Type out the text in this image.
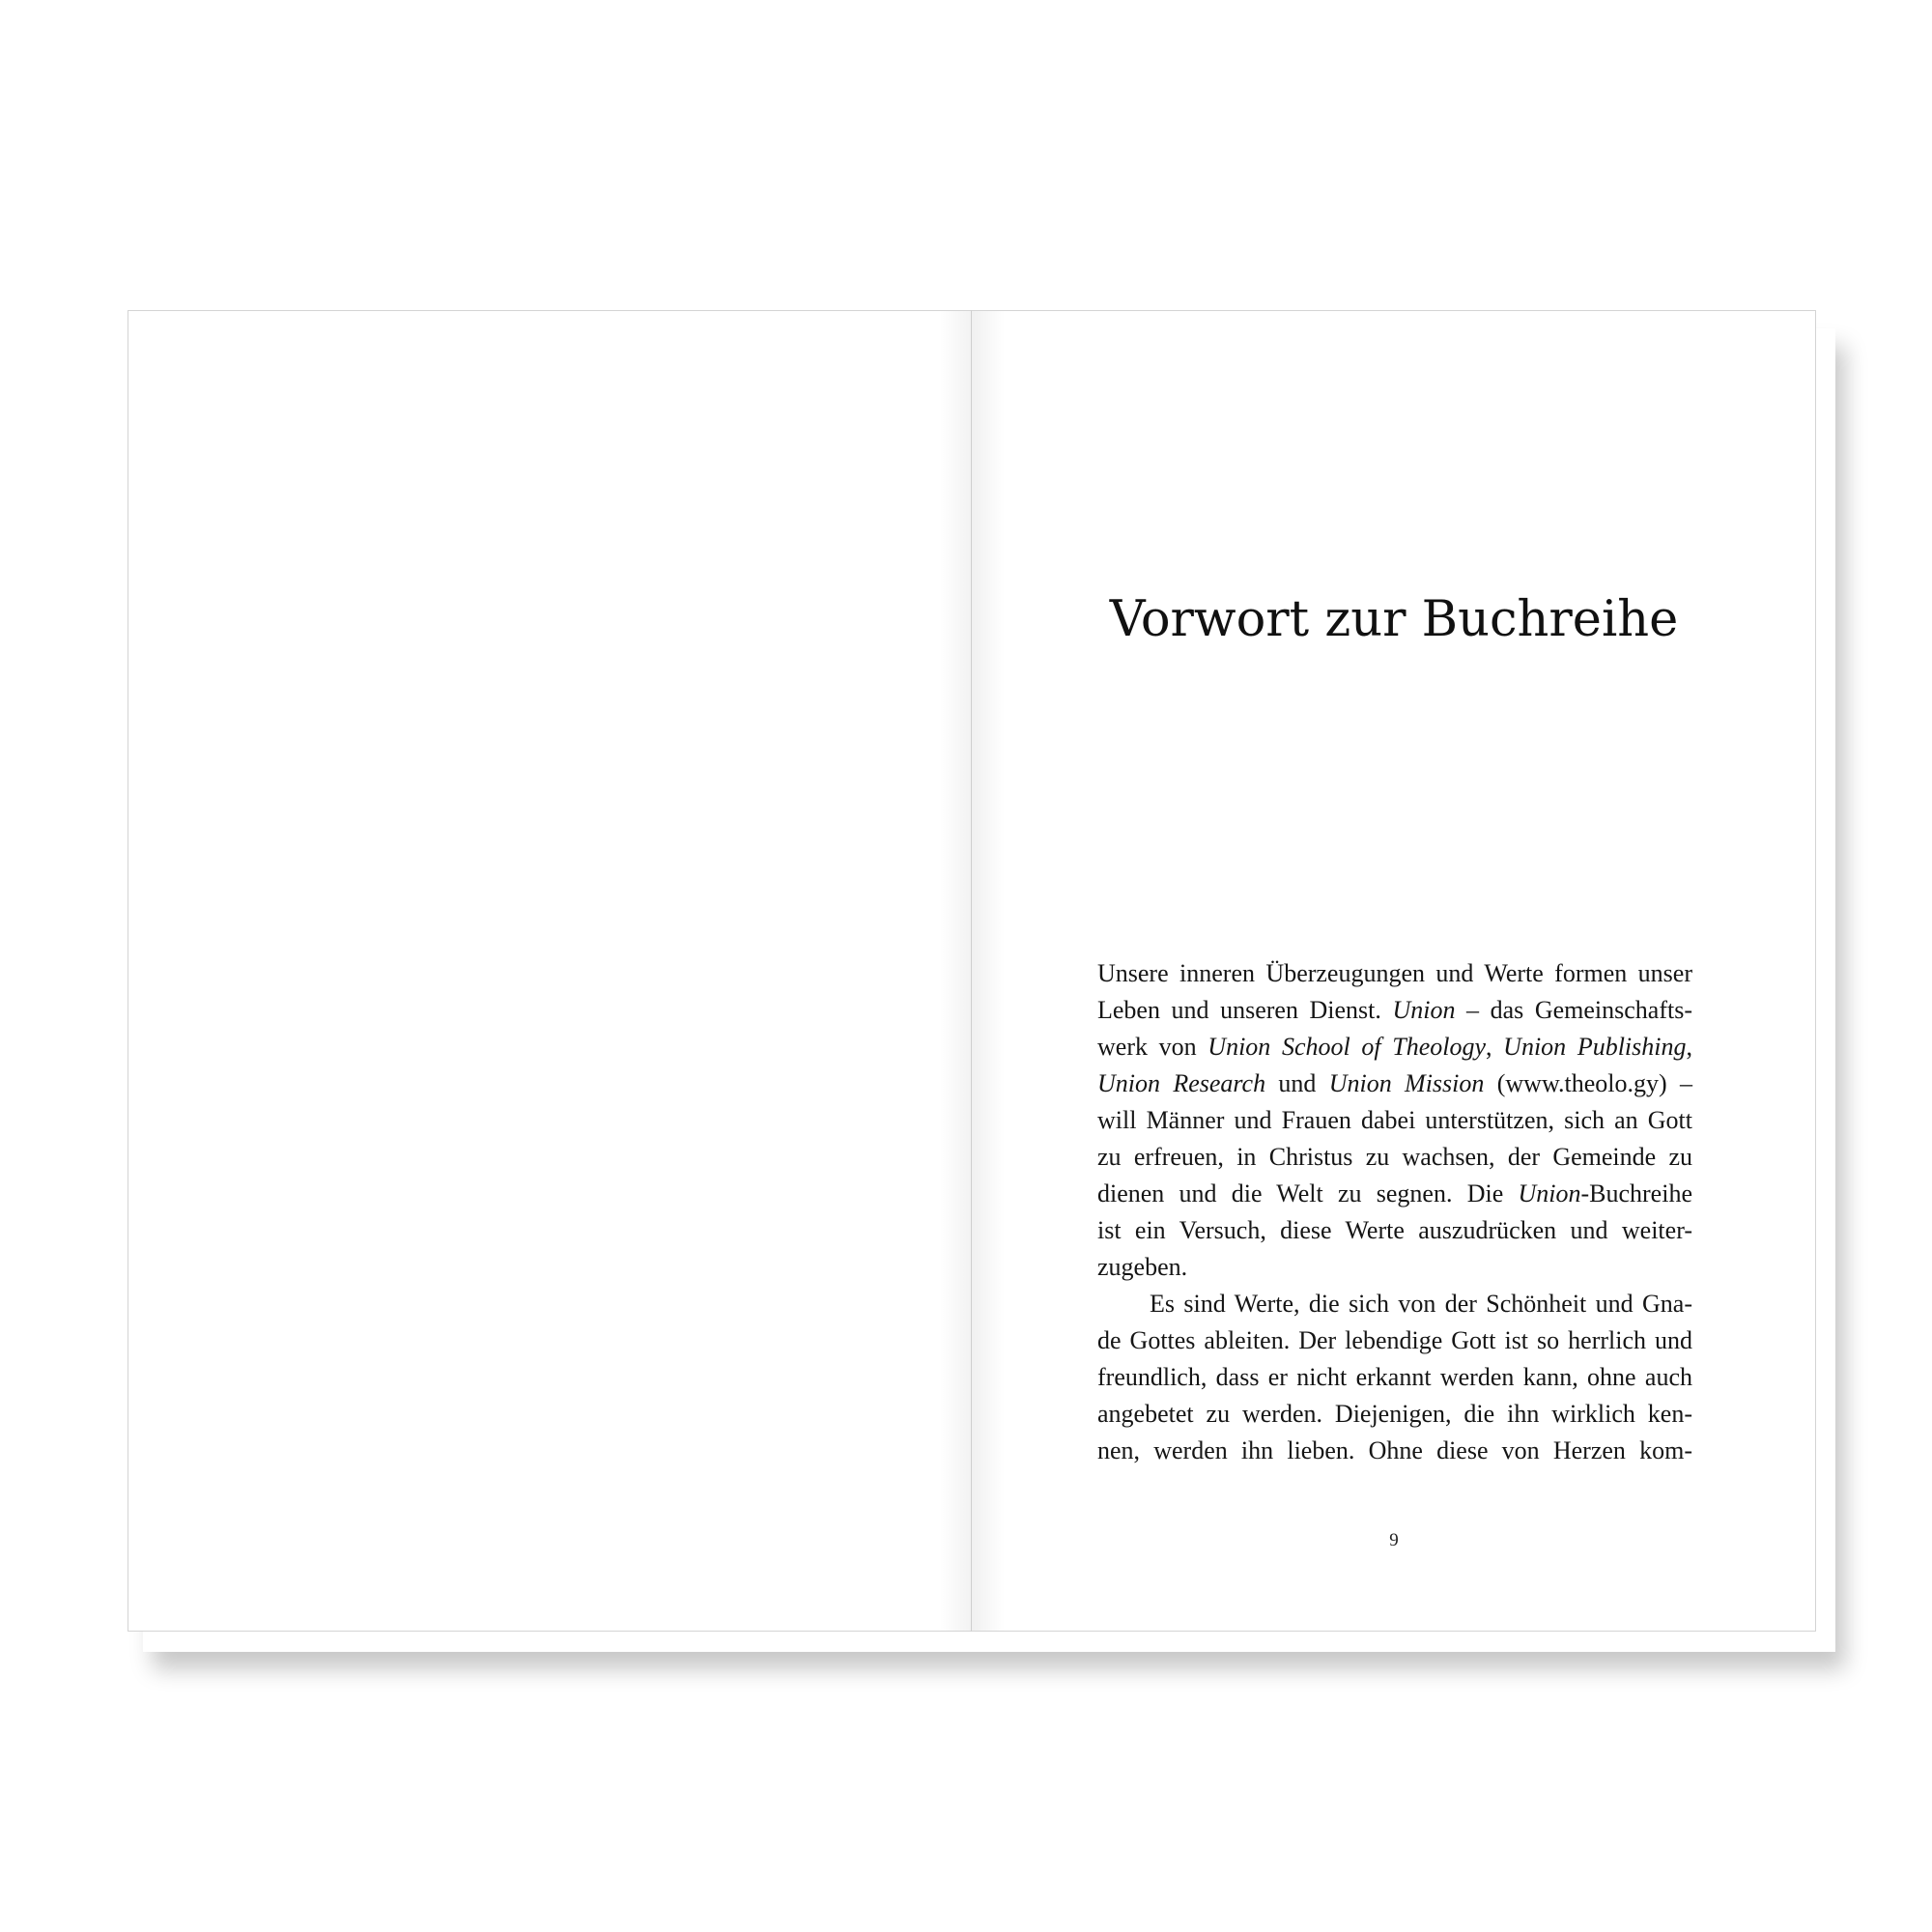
Vorwort zur Buchreihe
Unsere inneren Überzeugungen und Werte formen unser
Leben und unseren Dienst. Union – das Gemeinschafts-
werk von Union School of Theology, Union Publishing,
Union Research und Union Mission (www.theolo.gy) –
will Männer und Frauen dabei unterstützen, sich an Gott
zu erfreuen, in Christus zu wachsen, der Gemeinde zu
dienen und die Welt zu segnen. Die Union-Buchreihe
ist ein Versuch, diese Werte auszudrücken und weiter-
zugeben.
Es sind Werte, die sich von der Schönheit und Gna-
de Gottes ableiten. Der lebendige Gott ist so herrlich und
freundlich, dass er nicht erkannt werden kann, ohne auch
angebetet zu werden. Diejenigen, die ihn wirklich ken-
nen, werden ihn lieben. Ohne diese von Herzen kom-
9
